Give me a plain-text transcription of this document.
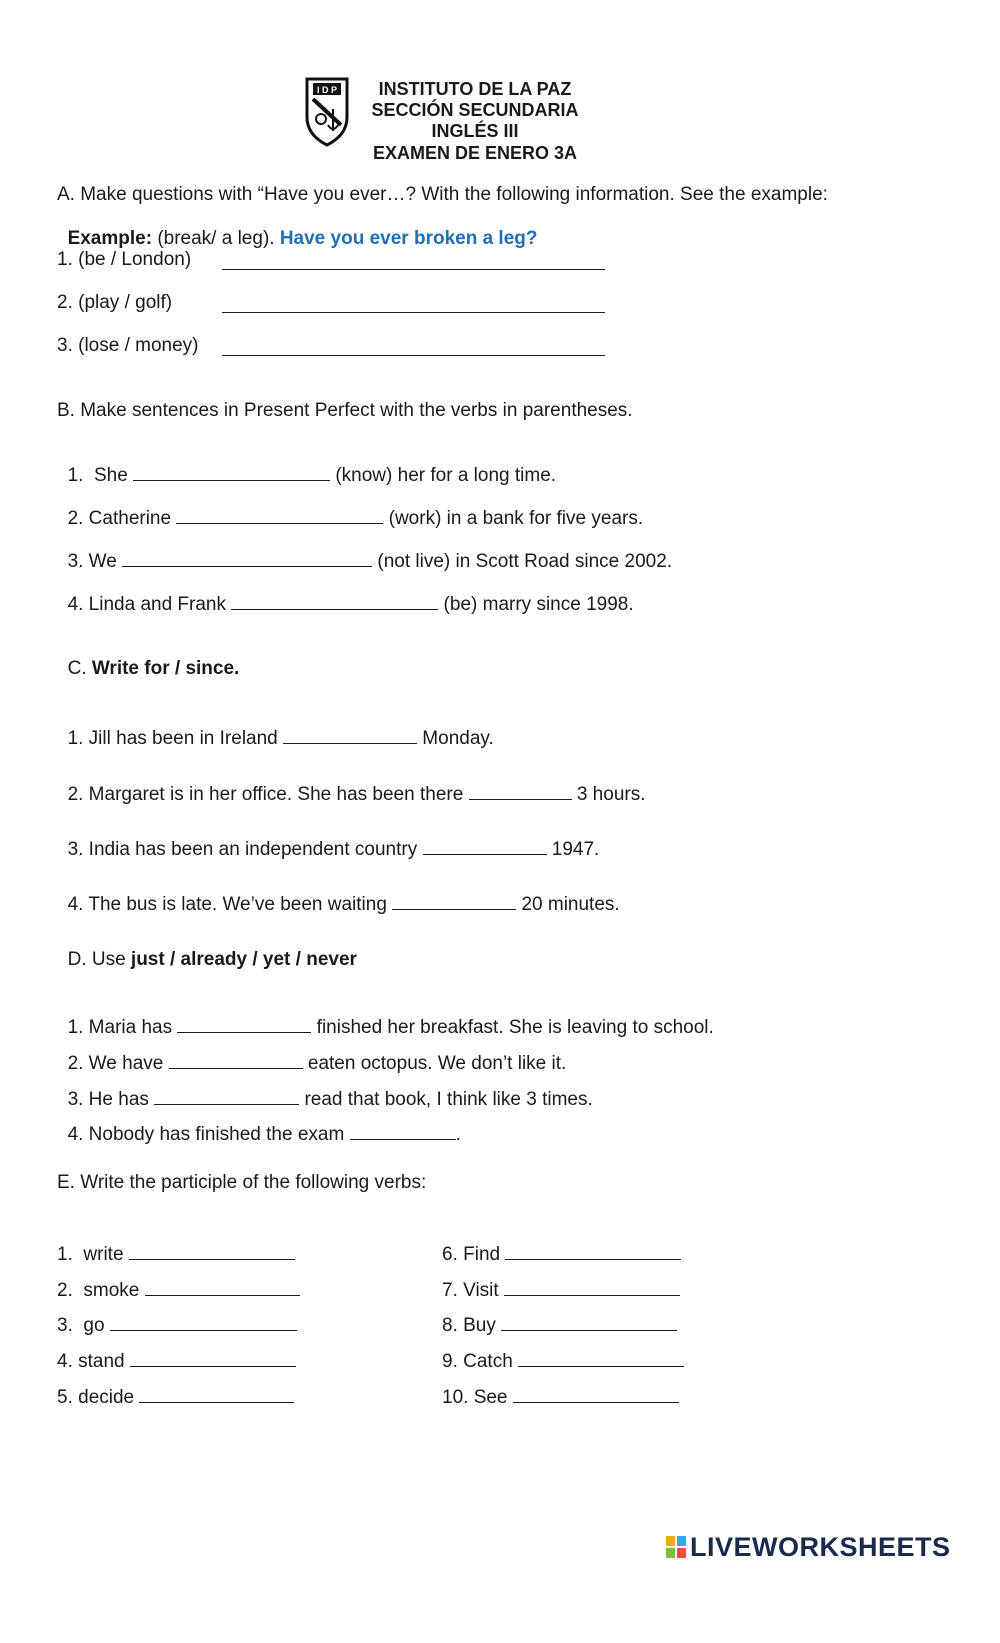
I D P	INSTITUTO DE LA PAZ
SECCIÓN SECUNDARIA
INGLÉS III
EXAMEN DE ENERO 3A
A. Make questions with “Have you ever…? With the following information. See the example:

Example: (break/ a leg). Have you ever broken a leg?

1. (be / London)
2. (play / golf)
3. (lose / money)
B. Make sentences in Present Perfect with the verbs in parentheses.

1.  She	(know) her for a long time.

2. Catherine	(work) in a bank for five years.

3. We	(not live) in Scott Road since 2002.

4. Linda and Frank	(be) marry since 1998.

C. Write for / since.

1. Jill has been in Ireland	Monday.

2. Margaret is in her office. She has been there	3 hours.

3. India has been an independent country	1947.

4. The bus is late. We’ve been waiting	20 minutes.

D. Use just / already / yet / never

1. Maria has	finished her breakfast. She is leaving to school.

2. We have	eaten octopus. We don’t like it.

3. He has	read that book, I think like 3 times.

4. Nobody has finished the exam	.

E. Write the participle of the following verbs:
1.  write
2.  smoke
3.  go
4. stand
5. decide
6. Find
7. Visit
8. Buy
9. Catch
10. See
LIVEWORKSHEETS
